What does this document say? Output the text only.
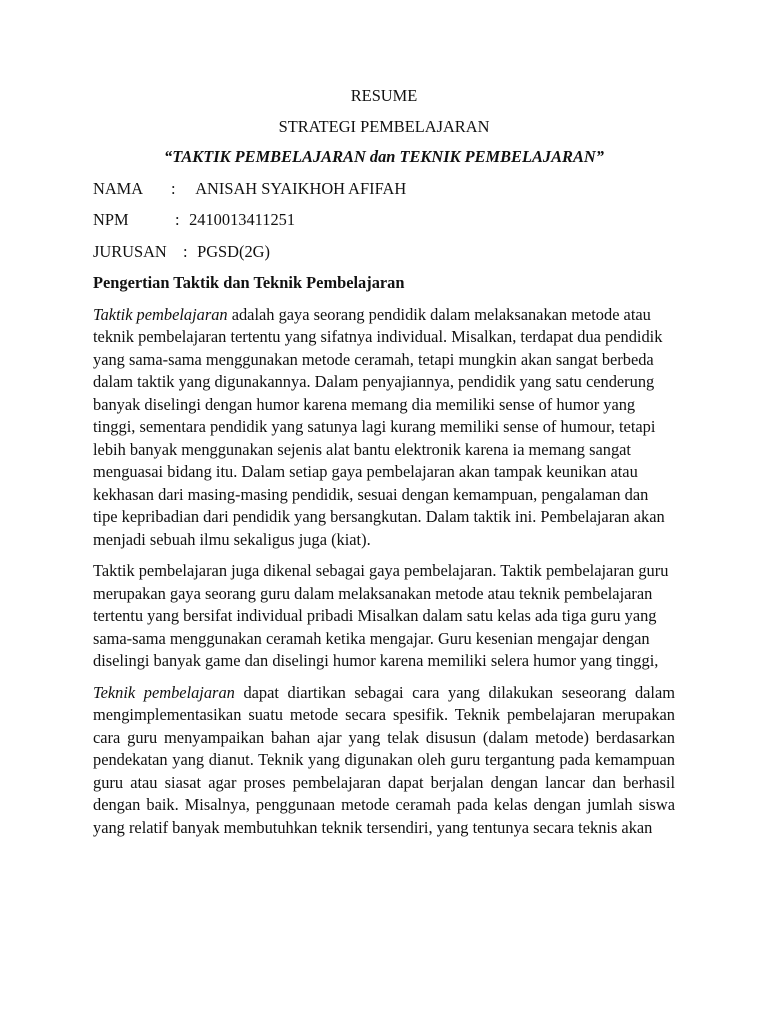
RESUME
STRATEGI PEMBELAJARAN
“TAKTIK PEMBELAJARAN dan TEKNIK PEMBELAJARAN”
NAMA	:	ANISAH SYAIKHOH AFIFAH
NPM	: 2410013411251
JURUSAN : PGSD(2G)
Pengertian Taktik dan Teknik Pembelajaran

Taktik pembelajaran adalah gaya seorang pendidik dalam melaksanakan metode atau teknik pembelajaran tertentu yang sifatnya individual. Misalkan, terdapat dua pendidik yang sama-sama menggunakan metode ceramah, tetapi mungkin akan sangat berbeda dalam taktik yang digunakannya. Dalam penyajiannya, pendidik yang satu cenderung banyak diselingi dengan humor karena memang dia memiliki sense of humor yang tinggi, sementara pendidik yang satunya lagi kurang memiliki sense of humour, tetapi lebih banyak menggunakan sejenis alat bantu elektronik karena ia memang sangat menguasai bidang itu. Dalam setiap gaya pembelajaran akan tampak keunikan atau kekhasan dari masing-masing pendidik, sesuai dengan kemampuan, pengalaman dan tipe kepribadian dari pendidik yang bersangkutan. Dalam taktik ini. Pembelajaran akan menjadi sebuah ilmu sekaligus juga (kiat).

Taktik pembelajaran juga dikenal sebagai gaya pembelajaran. Taktik pembelajaran guru merupakan gaya seorang guru dalam melaksanakan metode atau teknik pembelajaran tertentu yang bersifat individual pribadi Misalkan dalam satu kelas ada tiga guru yang sama-sama menggunakan ceramah ketika mengajar. Guru kesenian mengajar dengan diselingi banyak game dan diselingi humor karena memiliki selera humor yang tinggi,

Teknik pembelajaran dapat diartikan sebagai cara yang dilakukan seseorang dalam mengimplementasikan suatu metode secara spesifik. Teknik pembelajaran merupakan cara guru menyampaikan bahan ajar yang telak disusun (dalam metode) berdasarkan pendekatan yang dianut. Teknik yang digunakan oleh guru tergantung pada kemampuan guru atau siasat agar proses pembelajaran dapat berjalan dengan lancar dan berhasil dengan baik. Misalnya, penggunaan metode ceramah pada kelas dengan jumlah siswa yang relatif banyak membutuhkan teknik tersendiri, yang tentunya secara teknis akan
